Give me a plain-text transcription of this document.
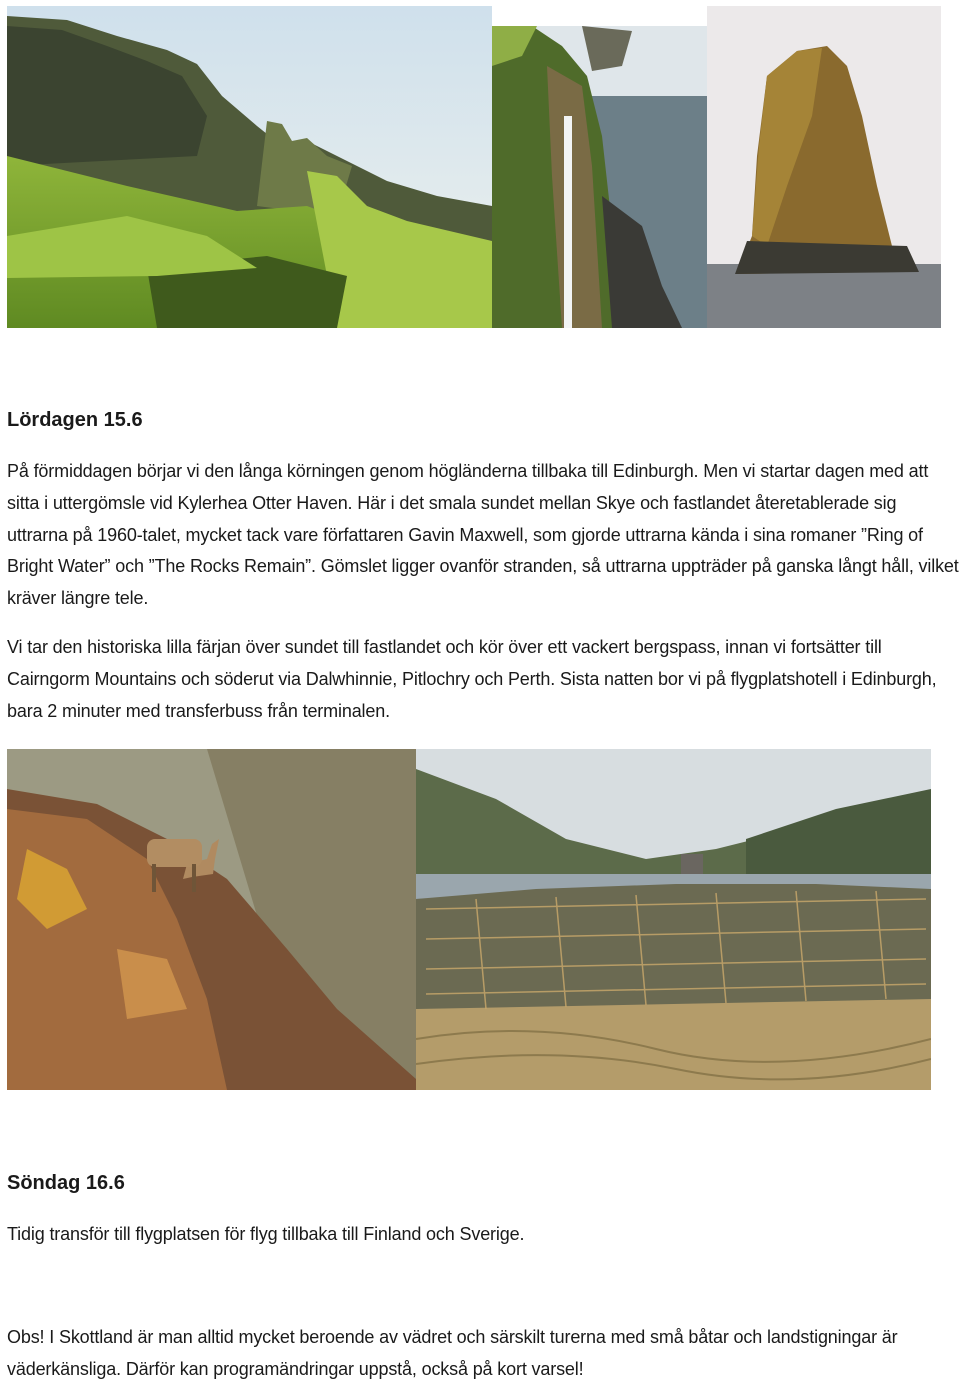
Lördagen 15.6

På förmiddagen börjar vi den långa körningen genom högländerna tillbaka till Edinburgh. Men vi startar dagen med att sitta i uttergömsle vid Kylerhea Otter Haven. Här i det smala sundet mellan Skye och fastlandet återetablerade sig uttrarna på 1960-talet, mycket tack vare författaren Gavin Maxwell, som gjorde uttrarna kända i sina romaner ”Ring of Bright Water” och ”The Rocks Remain”. Gömslet ligger ovanför stranden, så uttrarna uppträder på ganska långt håll, vilket kräver längre tele.

Vi tar den historiska lilla färjan över sundet till fastlandet och kör över ett vackert bergspass, innan vi fortsätter till Cairngorm Mountains och söderut via Dalwhinnie, Pitlochry och Perth. Sista natten bor vi på flygplatshotell i Edinburgh, bara 2 minuter med transferbuss från terminalen.

Söndag 16.6

Tidig transför till flygplatsen för flyg tillbaka till Finland och Sverige.

Obs! I Skottland är man alltid mycket beroende av vädret och särskilt turerna med små båtar och landstigningar är väderkänsliga. Därför kan programändringar uppstå, också på kort varsel!
